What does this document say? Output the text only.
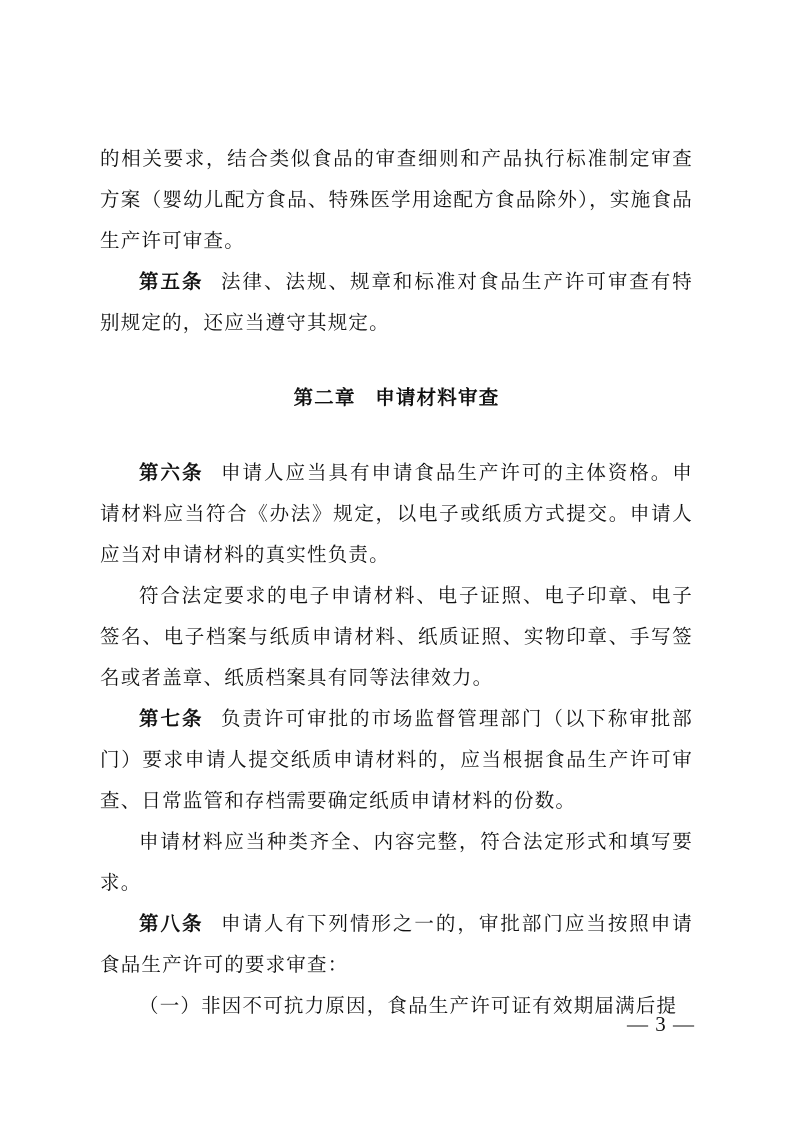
的相关要求，结合类似食品的审查细则和产品执行标准制定审查方案（婴幼儿配方食品、特殊医学用途配方食品除外），实施食品生产许可审查。

第五条 法律、法规、规章和标准对食品生产许可审查有特别规定的，还应当遵守其规定。

第二章 申请材料审查

第六条 申请人应当具有申请食品生产许可的主体资格。申请材料应当符合《办法》规定，以电子或纸质方式提交。申请人应当对申请材料的真实性负责。

符合法定要求的电子申请材料、电子证照、电子印章、电子签名、电子档案与纸质申请材料、纸质证照、实物印章、手写签名或者盖章、纸质档案具有同等法律效力。

第七条 负责许可审批的市场监督管理部门（以下称审批部门）要求申请人提交纸质申请材料的，应当根据食品生产许可审查、日常监管和存档需要确定纸质申请材料的份数。

申请材料应当种类齐全、内容完整，符合法定形式和填写要求。

第八条 申请人有下列情形之一的，审批部门应当按照申请食品生产许可的要求审查：

（一）非因不可抗力原因，食品生产许可证有效期届满后提

— 3 —
